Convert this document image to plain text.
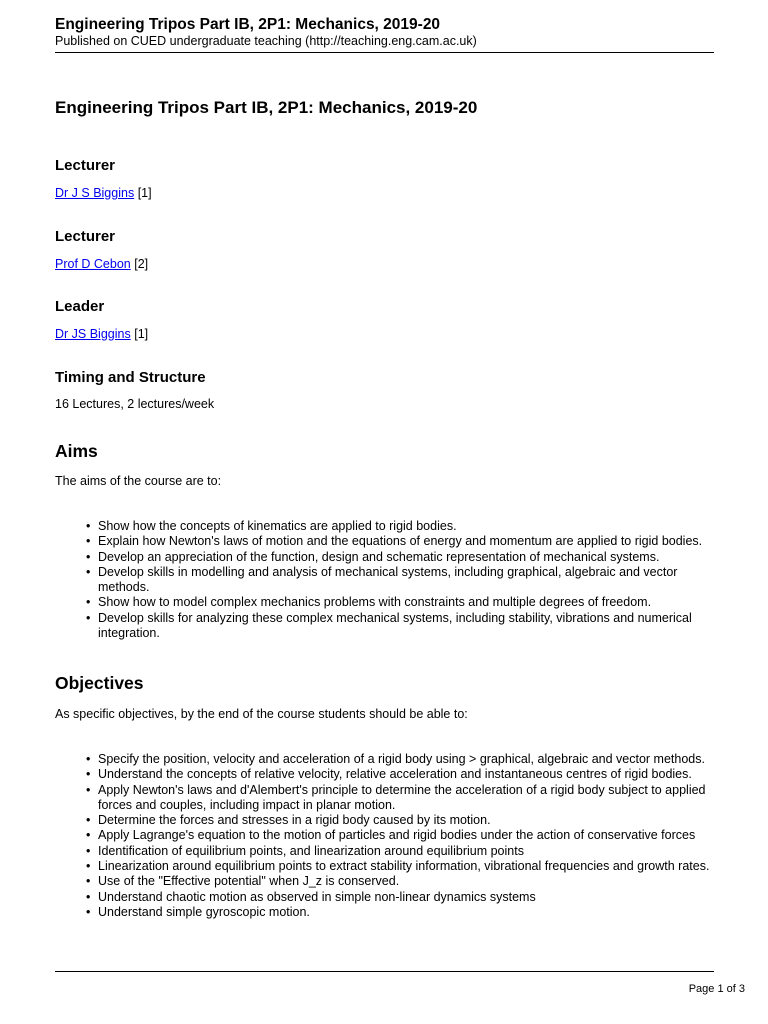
Engineering Tripos Part IB, 2P1: Mechanics, 2019-20
Published on CUED undergraduate teaching (http://teaching.eng.cam.ac.uk)
Engineering Tripos Part IB, 2P1: Mechanics, 2019-20
Lecturer
Dr J S Biggins [1]
Lecturer
Prof D Cebon [2]
Leader
Dr JS Biggins [1]
Timing and Structure
16 Lectures, 2 lectures/week
Aims
The aims of the course are to:
• Show how the concepts of kinematics are applied to rigid bodies.
• Explain how Newton's laws of motion and the equations of energy and momentum are applied to rigid bodies.
• Develop an appreciation of the function, design and schematic representation of mechanical systems.
• Develop skills in modelling and analysis of mechanical systems, including graphical, algebraic and vector methods.
• Show how to model complex mechanics problems with constraints and multiple degrees of freedom.
• Develop skills for analyzing these complex mechanical systems, including stability, vibrations and numerical integration.
Objectives
As specific objectives, by the end of the course students should be able to:
• Specify the position, velocity and acceleration of a rigid body using > graphical, algebraic and vector methods.
• Understand the concepts of relative velocity, relative acceleration and instantaneous centres of rigid bodies.
• Apply Newton's laws and d'Alembert's principle to determine the acceleration of a rigid body subject to applied forces and couples, including impact in planar motion.
• Determine the forces and stresses in a rigid body caused by its motion.
• Apply Lagrange's equation to the motion of particles and rigid bodies under the action of conservative forces
• Identification of equilibrium points, and linearization around equilibrium points
• Linearization around equilibrium points to extract stability information, vibrational frequencies and growth rates.
• Use of the "Effective potential" when J_z is conserved.
• Understand chaotic motion as observed in simple non-linear dynamics systems
• Understand simple gyroscopic motion.
Page 1 of 3
